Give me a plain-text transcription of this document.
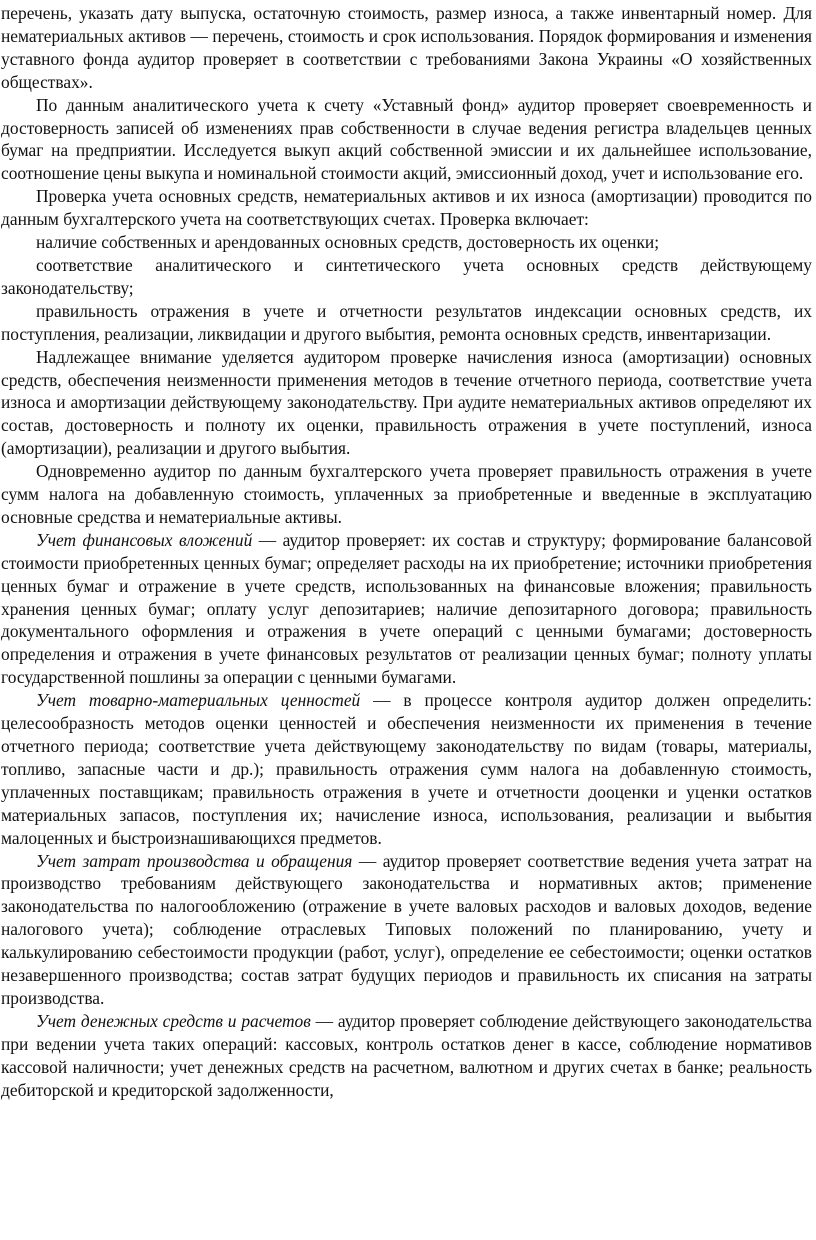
перечень, указать дату выпуска, остаточную стоимость, размер износа, а также инвентарный номер. Для нематериальных активов — перечень, стоимость и срок использования. Порядок формирования и изменения уставного фонда аудитор проверяет в соответствии с требованиями Закона Украины «О хозяйственных обществах».

По данным аналитического учета к счету «Уставный фонд» аудитор проверяет своевременность и достоверность записей об изменениях прав собственности в случае ведения регистра владельцев ценных бумаг на предприятии. Исследуется выкуп акций собственной эмиссии и их дальнейшее использование, соотношение цены выкупа и номинальной стоимости акций, эмиссионный доход, учет и использование его.

Проверка учета основных средств, нематериальных активов и их износа (амортизации) проводится по данным бухгалтерского учета на соответствующих счетах. Проверка включает:

наличие собственных и арендованных основных средств, достоверность их оценки;

соответствие аналитического и синтетического учета основных средств действующему законодательству;

правильность отражения в учете и отчетности результатов индексации основных средств, их поступления, реализации, ликвидации и другого выбытия, ремонта основных средств, инвентаризации.

Надлежащее внимание уделяется аудитором проверке начисления износа (амортизации) основных средств, обеспечения неизменности применения методов в течение отчетного периода, соответствие учета износа и амортизации действующему законодательству. При аудите нематериальных активов определяют их состав, достоверность и полноту их оценки, правильность отражения в учете поступлений, износа (амортизации), реализации и другого выбытия.

Одновременно аудитор по данным бухгалтерского учета проверяет правильность отражения в учете сумм налога на добавленную стоимость, уплаченных за приобретенные и введенные в эксплуатацию основные средства и нематериальные активы.

Учет финансовых вложений — аудитор проверяет: их состав и структуру; формирование балансовой стоимости приобретенных ценных бумаг; определяет расходы на их приобретение; источники приобретения ценных бумаг и отражение в учете средств, использованных на финансовые вложения; правильность хранения ценных бумаг; оплату услуг депозитариев; наличие депозитарного договора; правильность документального оформления и отражения в учете операций с ценными бумагами; достоверность определения и отражения в учете финансовых результатов от реализации ценных бумаг; полноту уплаты государственной пошлины за операции с ценными бумагами.

Учет товарно-материальных ценностей — в процессе контроля аудитор должен определить: целесообразность методов оценки ценностей и обеспечения неизменности их применения в течение отчетного периода; соответствие учета действующему законодательству по видам (товары, материалы, топливо, запасные части и др.); правильность отражения сумм налога на добавленную стоимость, уплаченных поставщикам; правильность отражения в учете и отчетности дооценки и уценки остатков материальных запасов, поступления их; начисление износа, использования, реализации и выбытия малоценных и быстроизнашивающихся предметов.

Учет затрат производства и обращения — аудитор проверяет соответствие ведения учета затрат на производство требованиям действующего законодательства и нормативных актов; применение законодательства по налогообложению (отражение в учете валовых расходов и валовых доходов, ведение налогового учета); соблюдение отраслевых Типовых положений по планированию, учету и калькулированию себестоимости продукции (работ, услуг), определение ее себестоимости; оценки остатков незавершенного производства; состав затрат будущих периодов и правильность их списания на затраты производства.

Учет денежных средств и расчетов — аудитор проверяет соблюдение действующего законодательства при ведении учета таких операций: кассовых, контроль остатков денег в кассе, соблюдение нормативов кассовой наличности; учет денежных средств на расчетном, валютном и других счетах в банке; реальность дебиторской и кредиторской задолженности,
